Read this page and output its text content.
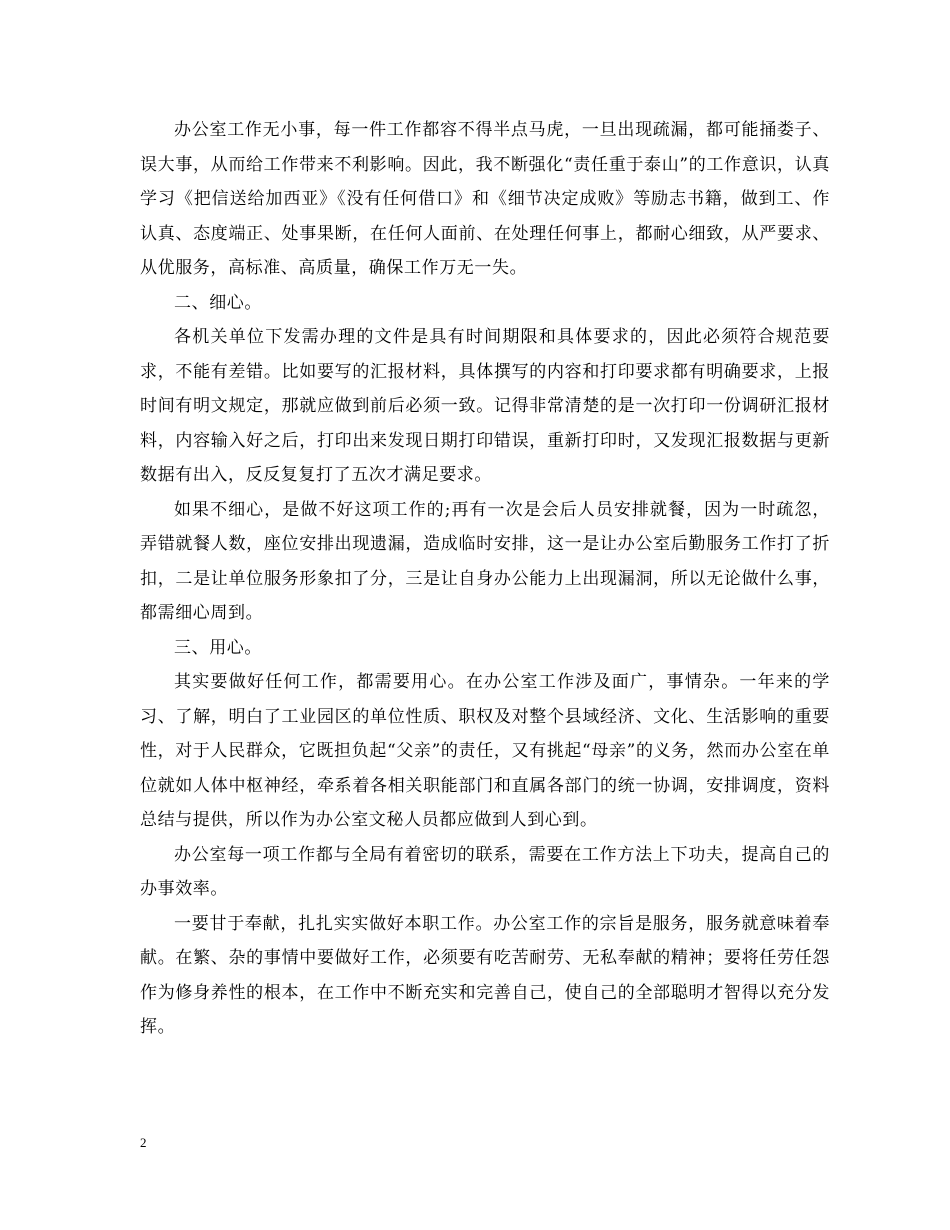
办公室工作无小事，每一件工作都容不得半点马虎，一旦出现疏漏，都可能捅娄子、误大事，从而给工作带来不利影响。因此，我不断强化“责任重于泰山”的工作意识，认真学习《把信送给加西亚》《没有任何借口》和《细节决定成败》等励志书籍，做到工、作认真、态度端正、处事果断，在任何人面前、在处理任何事上，都耐心细致，从严要求、从优服务，高标准、高质量，确保工作万无一失。

二、细心。

各机关单位下发需办理的文件是具有时间期限和具体要求的，因此必须符合规范要求，不能有差错。比如要写的汇报材料，具体撰写的内容和打印要求都有明确要求，上报时间有明文规定，那就应做到前后必须一致。记得非常清楚的是一次打印一份调研汇报材料，内容输入好之后，打印出来发现日期打印错误，重新打印时，又发现汇报数据与更新数据有出入，反反复复打了五次才满足要求。

如果不细心，是做不好这项工作的;再有一次是会后人员安排就餐，因为一时疏忽，弄错就餐人数，座位安排出现遗漏，造成临时安排，这一是让办公室后勤服务工作打了折扣，二是让单位服务形象扣了分，三是让自身办公能力上出现漏洞，所以无论做什么事，都需细心周到。

三、用心。

其实要做好任何工作，都需要用心。在办公室工作涉及面广，事情杂。一年来的学习、了解，明白了工业园区的单位性质、职权及对整个县域经济、文化、生活影响的重要性，对于人民群众，它既担负起“父亲”的责任，又有挑起“母亲”的义务，然而办公室在单位就如人体中枢神经，牵系着各相关职能部门和直属各部门的统一协调，安排调度，资料总结与提供，所以作为办公室文秘人员都应做到人到心到。

办公室每一项工作都与全局有着密切的联系，需要在工作方法上下功夫，提高自己的办事效率。

一要甘于奉献，扎扎实实做好本职工作。办公室工作的宗旨是服务，服务就意味着奉献。在繁、杂的事情中要做好工作，必须要有吃苦耐劳、无私奉献的精神；要将任劳任怨作为修身养性的根本，在工作中不断充实和完善自己，使自己的全部聪明才智得以充分发挥。

2
